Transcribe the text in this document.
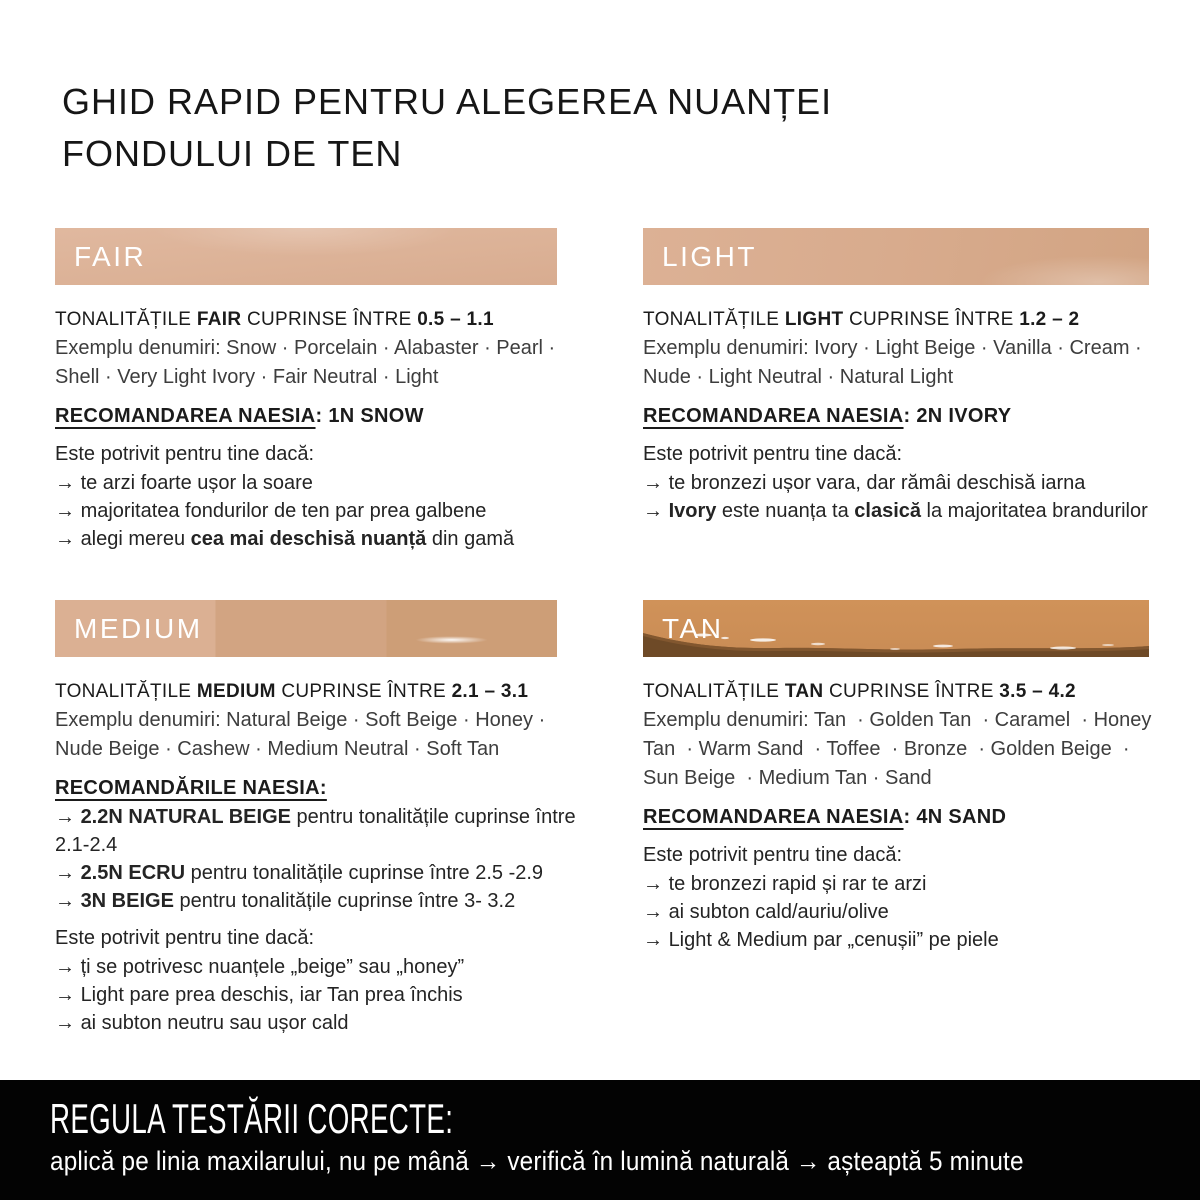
GHID RAPID PENTRU ALEGEREA NUANȚEI
FONDULUI DE TEN
FAIR
TONALITĂȚILE FAIR CUPRINSE ÎNTRE 0.5 – 1.1
Exemplu denumiri: Snow · Porcelain · Alabaster · Pearl · Shell · Very Light Ivory · Fair Neutral · Light
RECOMANDAREA NAESIA: 1N SNOW
Este potrivit pentru tine dacă:
→ te arzi foarte ușor la soare
→ majoritatea fondurilor de ten par prea galbene
→ alegi mereu cea mai deschisă nuanță din gamă
LIGHT
TONALITĂȚILE LIGHT CUPRINSE ÎNTRE 1.2 – 2
Exemplu denumiri: Ivory · Light Beige · Vanilla · Cream · Nude · Light Neutral · Natural Light
RECOMANDAREA NAESIA: 2N IVORY
Este potrivit pentru tine dacă:
→ te bronzezi ușor vara, dar rămâi deschisă iarna
→ Ivory este nuanța ta clasică la majoritatea brandurilor
MEDIUM
TONALITĂȚILE MEDIUM CUPRINSE ÎNTRE 2.1 – 3.1
Exemplu denumiri: Natural Beige · Soft Beige · Honey · Nude Beige · Cashew · Medium Neutral · Soft Tan
RECOMANDĂRILE NAESIA:
→ 2.2N NATURAL BEIGE pentru tonalitățile cuprinse între 2.1-2.4
→ 2.5N ECRU pentru tonalitățile cuprinse între 2.5 -2.9
→ 3N BEIGE pentru tonalitățile cuprinse între 3- 3.2
Este potrivit pentru tine dacă:
→ ți se potrivesc nuanțele „beige” sau „honey”
→ Light pare prea deschis, iar Tan prea închis
→ ai subton neutru sau ușor cald
TAN
TONALITĂȚILE TAN CUPRINSE ÎNTRE 3.5 – 4.2
Exemplu denumiri: Tan  · Golden Tan  · Caramel  · Honey Tan  · Warm Sand  · Toffee  · Bronze  · Golden Beige  · Sun Beige  · Medium Tan · Sand
RECOMANDAREA NAESIA: 4N SAND
Este potrivit pentru tine dacă:
→ te bronzezi rapid și rar te arzi
→ ai subton cald/auriu/olive
→ Light & Medium par „cenușii” pe piele
REGULA TESTĂRII CORECTE:
aplică pe linia maxilarului, nu pe mână → verifică în lumină naturală → așteaptă 5 minute
